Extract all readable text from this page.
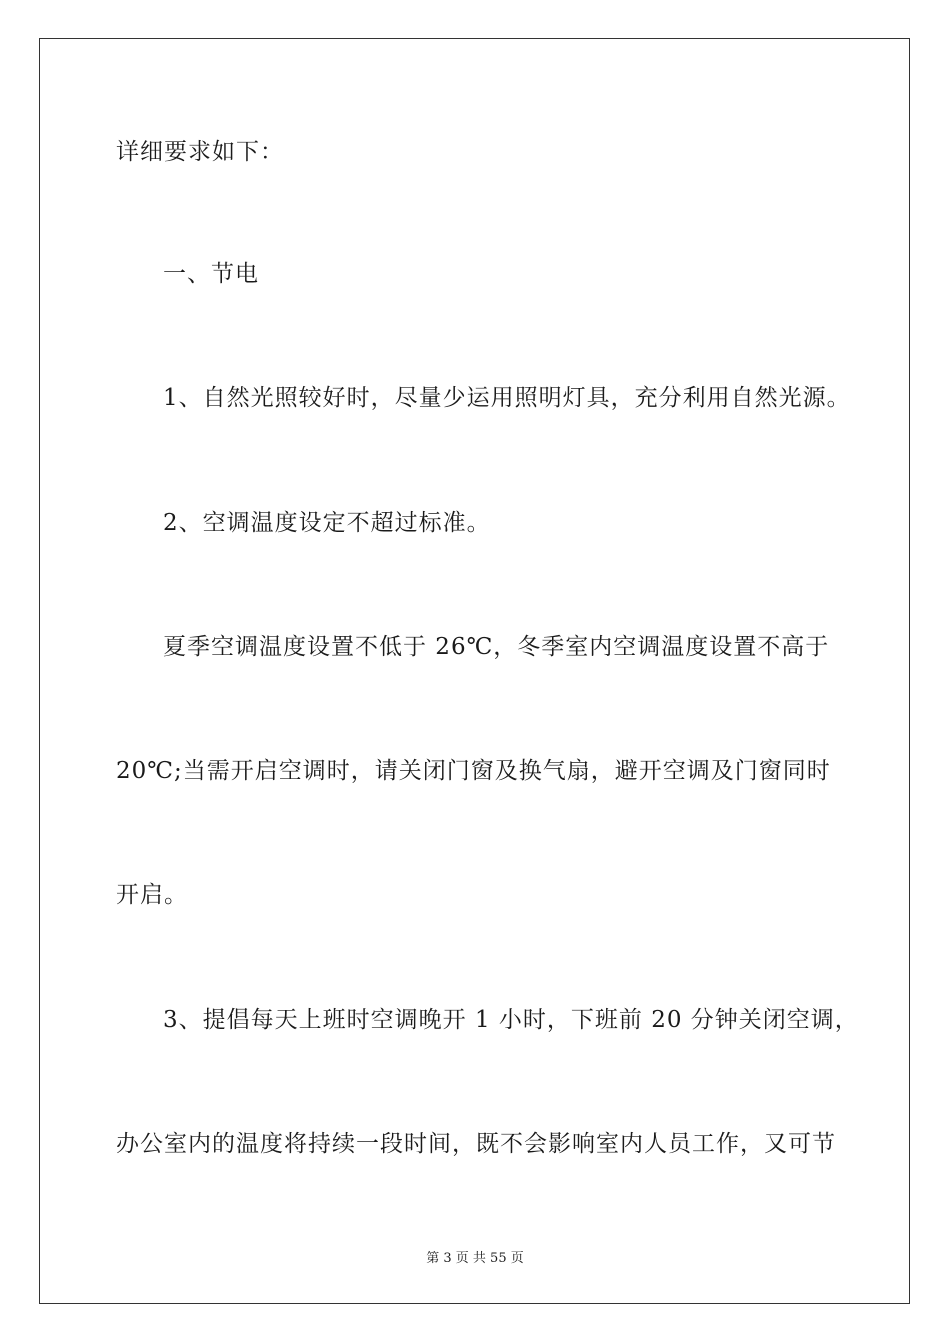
详细要求如下：
一、节电
1、自然光照较好时，尽量少运用照明灯具，充分利用自然光源。
2、空调温度设定不超过标准。
夏季空调温度设置不低于 26℃，冬季室内空调温度设置不高于
20℃;当需开启空调时，请关闭门窗及换气扇，避开空调及门窗同时
开启。
3、提倡每天上班时空调晚开 1 小时，下班前 20 分钟关闭空调，
办公室内的温度将持续一段时间，既不会影响室内人员工作，又可节
第 3 页 共 55 页
